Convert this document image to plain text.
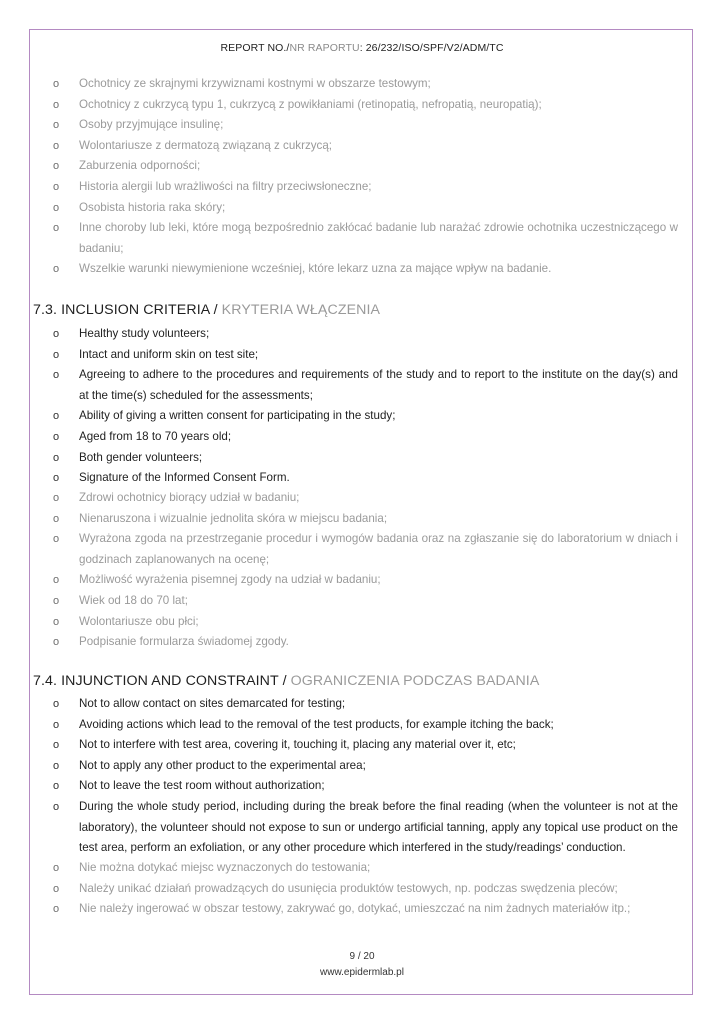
REPORT NO./NR RAPORTU: 26/232/ISO/SPF/V2/ADM/TC
o Ochotnicy ze skrajnymi krzywiznami kostnymi w obszarze testowym;
o Ochotnicy z cukrzycą typu 1, cukrzycą z powikłaniami (retinopatią, nefropatią, neuropatią);
o Osoby przyjmujące insulinę;
o Wolontariusze z dermatozą związaną z cukrzycą;
o Zaburzenia odporności;
o Historia alergii lub wrażliwości na filtry przeciwsłoneczne;
o Osobista historia raka skóry;
o Inne choroby lub leki, które mogą bezpośrednio zakłócać badanie lub narażać zdrowie ochotnika uczestniczącego w badaniu;
o Wszelkie warunki niewymienione wcześniej, które lekarz uzna za mające wpływ na badanie.
7.3. INCLUSION CRITERIA / KRYTERIA WŁĄCZENIA
o Healthy study volunteers;
o Intact and uniform skin on test site;
o Agreeing to adhere to the procedures and requirements of the study and to report to the institute on the day(s) and at the time(s) scheduled for the assessments;
o Ability of giving a written consent for participating in the study;
o Aged from 18 to 70 years old;
o Both gender volunteers;
o Signature of the Informed Consent Form.
o Zdrowi ochotnicy biorący udział w badaniu;
o Nienaruszona i wizualnie jednolita skóra w miejscu badania;
o Wyrażona zgoda na przestrzeganie procedur i wymogów badania oraz na zgłaszanie się do laboratorium w dniach i godzinach zaplanowanych na ocenę;
o Możliwość wyrażenia pisemnej zgody na udział w badaniu;
o Wiek od 18 do 70 lat;
o Wolontariusze obu płci;
o Podpisanie formularza świadomej zgody.
7.4. INJUNCTION AND CONSTRAINT / OGRANICZENIA PODCZAS BADANIA
o Not to allow contact on sites demarcated for testing;
o Avoiding actions which lead to the removal of the test products, for example itching the back;
o Not to interfere with test area, covering it, touching it, placing any material over it, etc;
o Not to apply any other product to the experimental area;
o Not to leave the test room without authorization;
o During the whole study period, including during the break before the final reading (when the volunteer is not at the laboratory), the volunteer should not expose to sun or undergo artificial tanning, apply any topical use product on the test area, perform an exfoliation, or any other procedure which interfered in the study/readings’ conduction.
o Nie można dotykać miejsc wyznaczonych do testowania;
o Należy unikać działań prowadzących do usunięcia produktów testowych, np. podczas swędzenia pleców;
o Nie należy ingerować w obszar testowy, zakrywać go, dotykać, umieszczać na nim żadnych materiałów itp.;
9 / 20
www.epidermlab.pl
